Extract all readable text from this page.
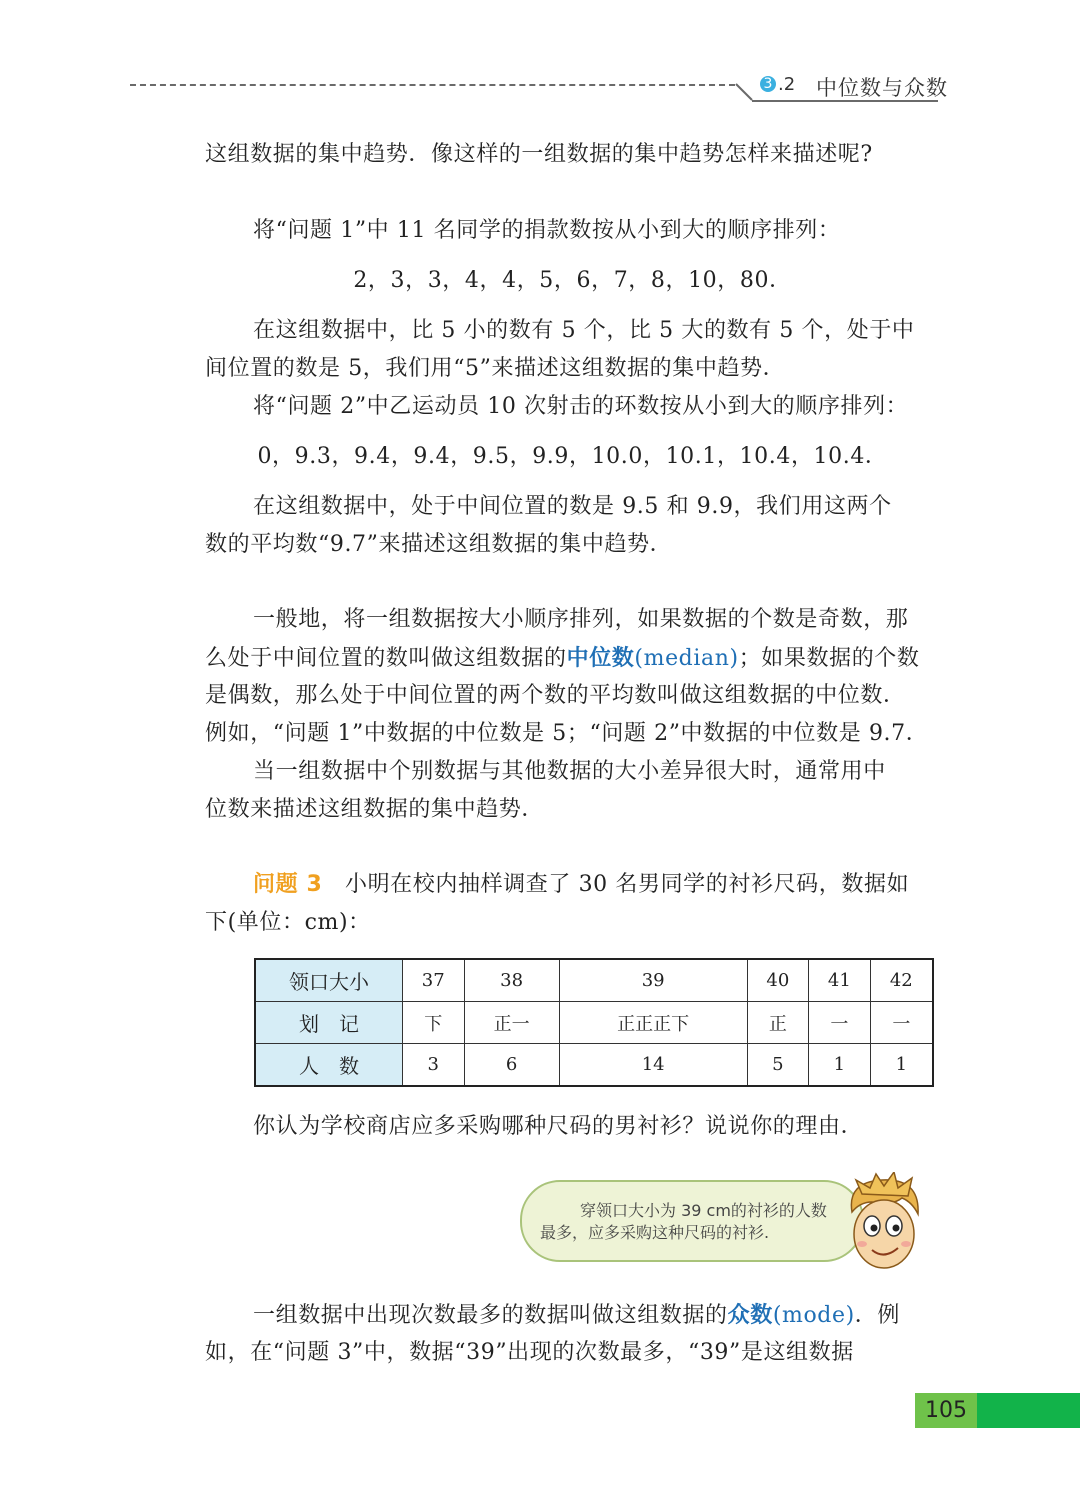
3 .2 中位数与众数
这组数据的集中趋势．像这样的一组数据的集中趋势怎样来描述呢?
将“问题 1”中 11 名同学的捐款数按从小到大的顺序排列：
2，3，3，4，4，5，6，7，8，10，80．
在这组数据中，比 5 小的数有 5 个，比 5 大的数有 5 个，处于中
间位置的数是 5，我们用“5”来描述这组数据的集中趋势．
将“问题 2”中乙运动员 10 次射击的环数按从小到大的顺序排列：
0，9.3，9.4，9.4，9.5，9.9，10.0，10.1，10.4，10.4．
在这组数据中，处于中间位置的数是 9.5 和 9.9，我们用这两个
数的平均数“9.7”来描述这组数据的集中趋势．
一般地，将一组数据按大小顺序排列，如果数据的个数是奇数，那
么处于中间位置的数叫做这组数据的中位数(median)；如果数据的个数
是偶数，那么处于中间位置的两个数的平均数叫做这组数据的中位数．
例如，“问题 1”中数据的中位数是 5；“问题 2”中数据的中位数是 9.7．
当一组数据中个别数据与其他数据的大小差异很大时，通常用中
位数来描述这组数据的集中趋势．
问题 3　 小明在校内抽样调查了 30 名男同学的衬衫尺码，数据如
下(单位：cm)：
领口大小	37	38	39	40	41	42
划　记	下	正一	正正正下	正	一	一
人　数	3	6	14	5	1	1
你认为学校商店应多采购哪种尺码的男衬衫？说说你的理由．
穿领口大小为 39 cm的衬衫的人数
最多，应多采购这种尺码的衬衫.
一组数据中出现次数最多的数据叫做这组数据的众数(mode)．例
如，在“问题 3”中，数据“39”出现的次数最多，“39”是这组数据
105
